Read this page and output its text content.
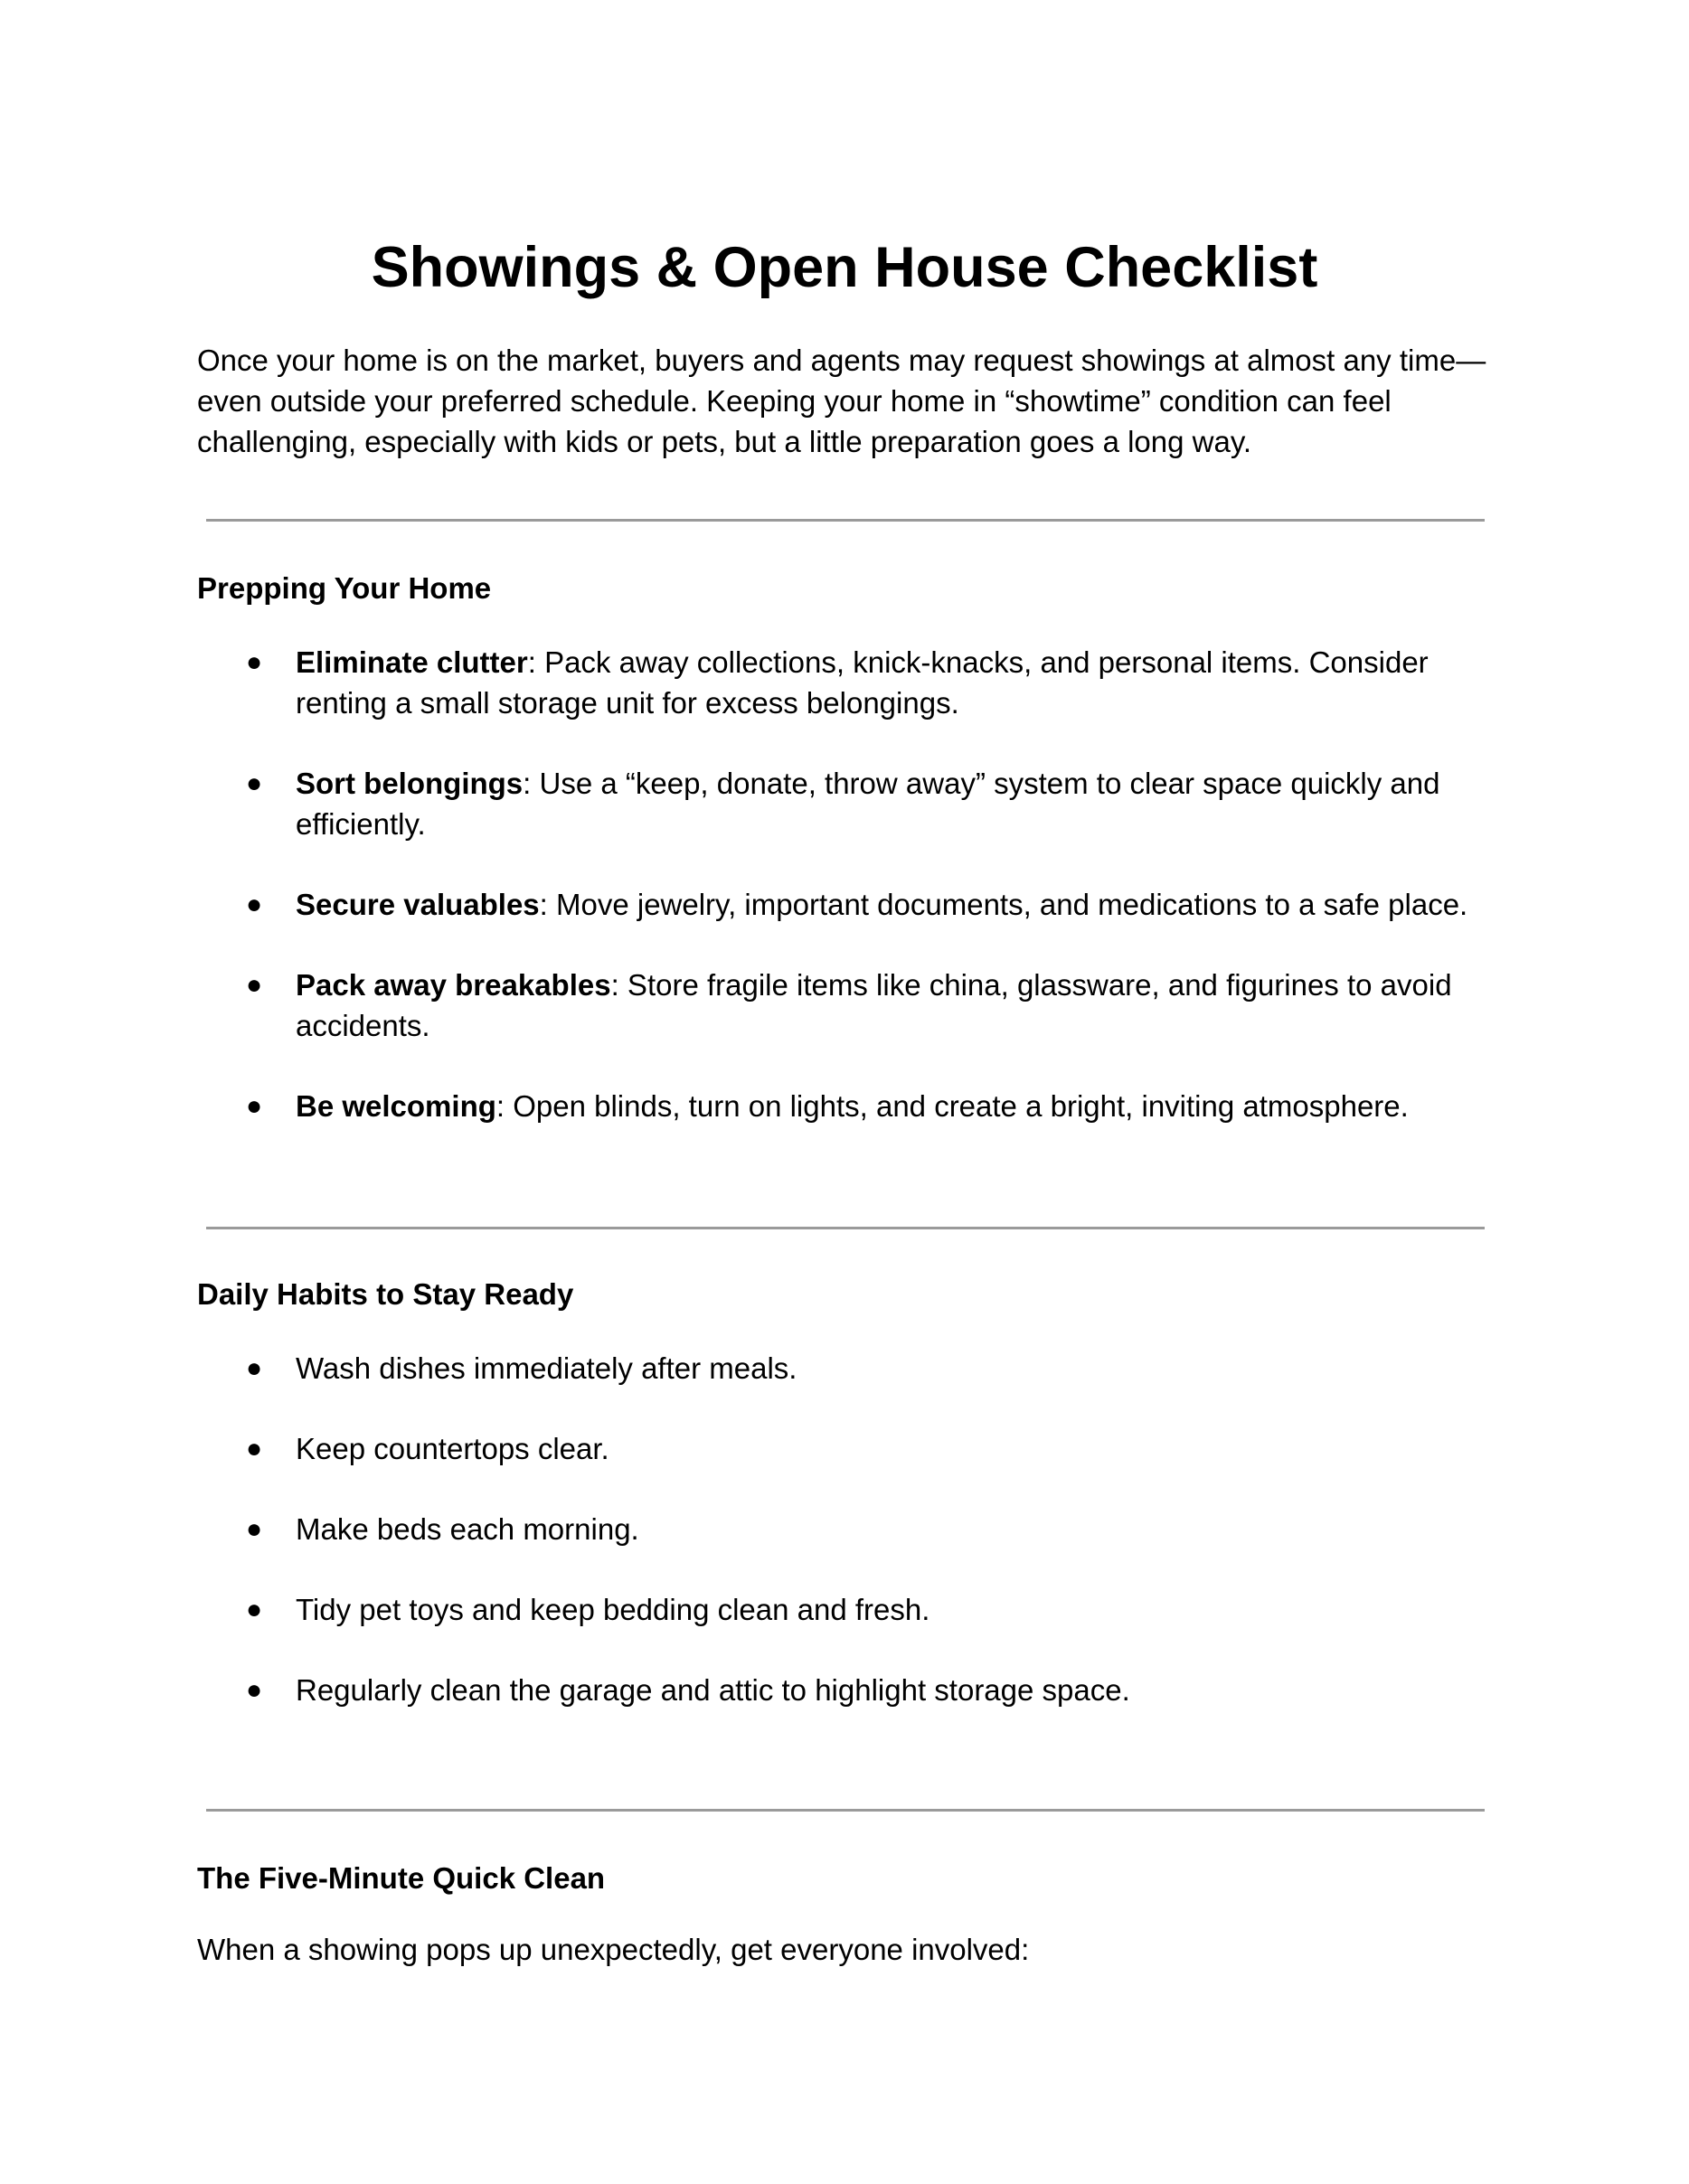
Showings & Open House Checklist

Once your home is on the market, buyers and agents may request showings at almost any time—even outside your preferred schedule. Keeping your home in “showtime” condition can feel challenging, especially with kids or pets, but a little preparation goes a long way.

Prepping Your Home
● Eliminate clutter: Pack away collections, knick-knacks, and personal items. Consider renting a small storage unit for excess belongings.
● Sort belongings: Use a “keep, donate, throw away” system to clear space quickly and efficiently.
● Secure valuables: Move jewelry, important documents, and medications to a safe place.
● Pack away breakables: Store fragile items like china, glassware, and figurines to avoid accidents.
● Be welcoming: Open blinds, turn on lights, and create a bright, inviting atmosphere.
Daily Habits to Stay Ready
● Wash dishes immediately after meals.
● Keep countertops clear.
● Make beds each morning.
● Tidy pet toys and keep bedding clean and fresh.
● Regularly clean the garage and attic to highlight storage space.
The Five-Minute Quick Clean

When a showing pops up unexpectedly, get everyone involved:
